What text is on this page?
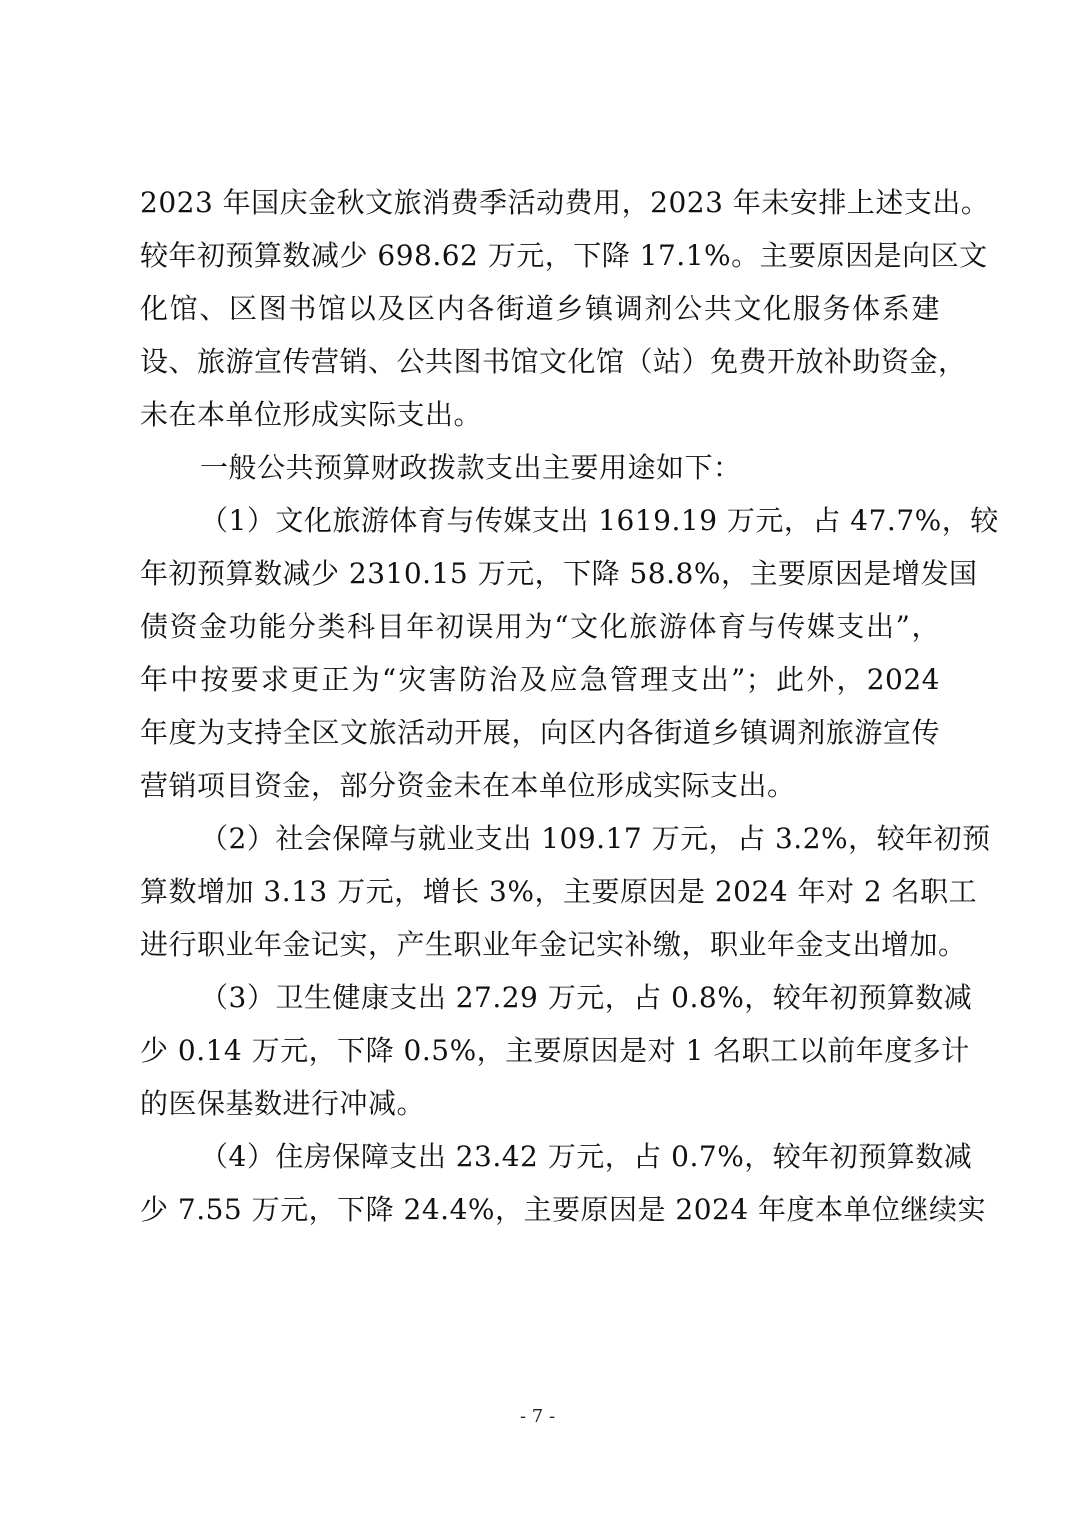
2023 年国庆金秋文旅消费季活动费用，2023 年未安排上述支出。
较年初预算数减少 698.62 万元，下降 17.1%。主要原因是向区文
化馆、区图书馆以及区内各街道乡镇调剂公共文化服务体系建
设、旅游宣传营销、公共图书馆文化馆（站）免费开放补助资金，
未在本单位形成实际支出。
一般公共预算财政拨款支出主要用途如下：
（1）文化旅游体育与传媒支出 1619.19 万元，占 47.7%，较
年初预算数减少 2310.15 万元，下降 58.8%，主要原因是增发国
债资金功能分类科目年初误用为“文化旅游体育与传媒支出”，
年中按要求更正为“灾害防治及应急管理支出”；此外，2024
年度为支持全区文旅活动开展，向区内各街道乡镇调剂旅游宣传
营销项目资金，部分资金未在本单位形成实际支出。
（2）社会保障与就业支出 109.17 万元，占 3.2%，较年初预
算数增加 3.13 万元，增长 3%，主要原因是 2024 年对 2 名职工
进行职业年金记实，产生职业年金记实补缴，职业年金支出增加。
（3）卫生健康支出 27.29 万元，占 0.8%，较年初预算数减
少 0.14 万元，下降 0.5%，主要原因是对 1 名职工以前年度多计
的医保基数进行冲减。
（4）住房保障支出 23.42 万元，占 0.7%，较年初预算数减
少 7.55 万元，下降 24.4%，主要原因是 2024 年度本单位继续实
- 7 -
